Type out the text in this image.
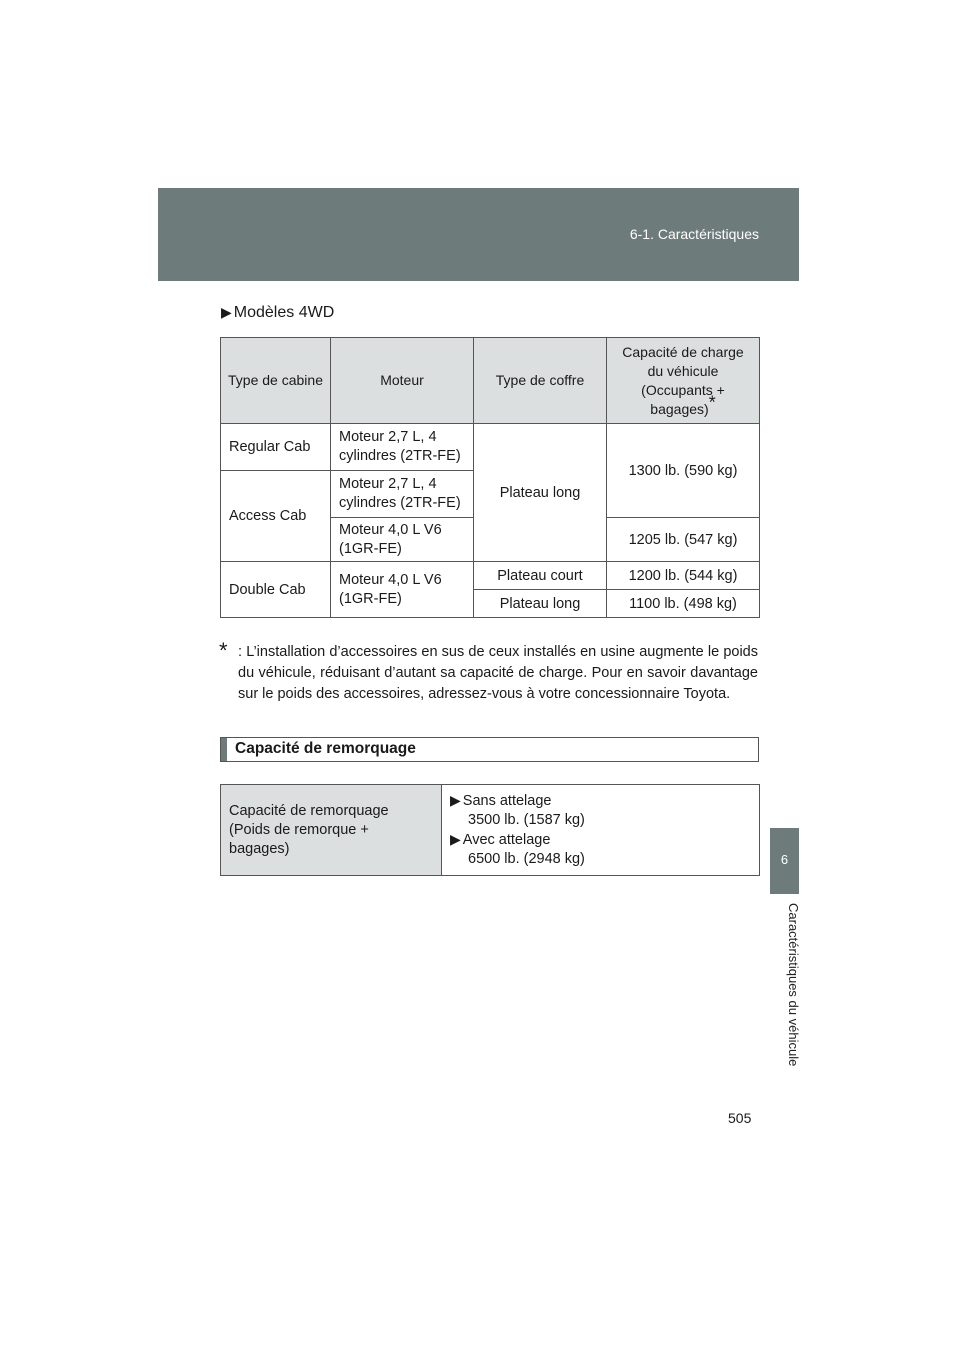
6-1. Caractéristiques
6
Caractéristiques du véhicule
▶ Modèles 4WD
Type de cabine	Moteur	Type de coffre	Capacité de charge du véhicule (Occupants + bagages)*
Regular Cab	Moteur 2,7 L, 4 cylindres (2TR-FE)	Plateau long	1300 lb. (590 kg)
Access Cab	Moteur 2,7 L, 4 cylindres (2TR-FE)		
	Moteur 4,0 L V6 (1GR-FE)		1205 lb. (547 kg)
Double Cab	Moteur 4,0 L V6 (1GR-FE)	Plateau court	1200 lb. (544 kg)
		Plateau long	1100 lb. (498 kg)
* : L’installation d’accessoires en sus de ceux installés en usine augmente le poids du véhicule, réduisant d’autant sa capacité de charge. Pour en savoir davantage sur le poids des accessoires, adressez-vous à votre concessionnaire Toyota.
Capacité de remorquage
Capacité de remorquage (Poids de remorque + bagages)	
▶ Sans attelage
3500 lb. (1587 kg)
▶ Avec attelage
6500 lb. (2948 kg)
505
